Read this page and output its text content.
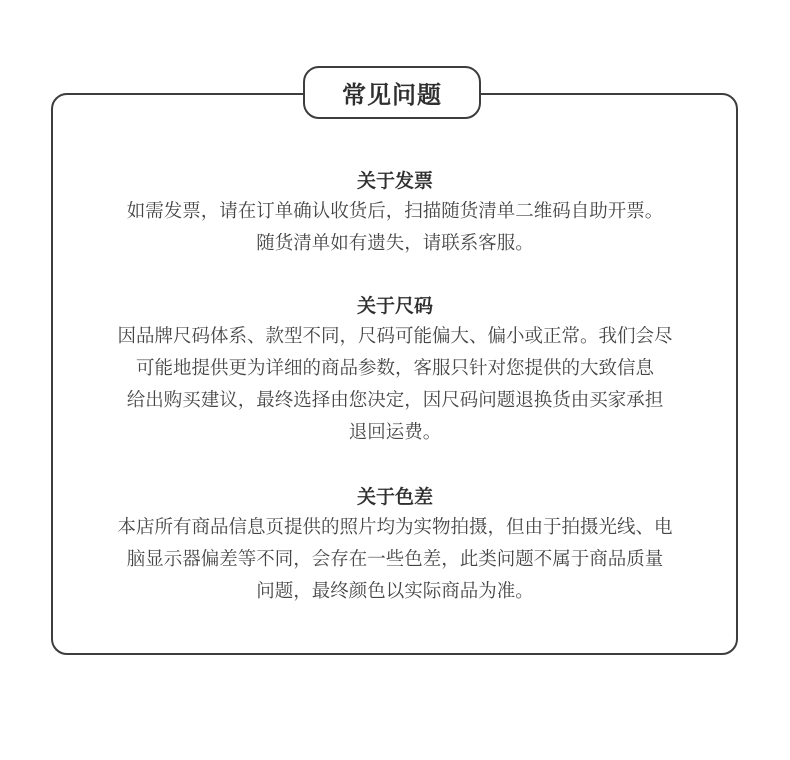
常见问题
关于发票
如需发票，请在订单确认收货后，扫描随货清单二维码自助开票。
随货清单如有遗失，请联系客服。
关于尺码
因品牌尺码体系、款型不同，尺码可能偏大、偏小或正常。我们会尽
可能地提供更为详细的商品参数，客服只针对您提供的大致信息
给出购买建议，最终选择由您决定，因尺码问题退换货由买家承担
退回运费。
关于色差
本店所有商品信息页提供的照片均为实物拍摄，但由于拍摄光线、电
脑显示器偏差等不同，会存在一些色差，此类问题不属于商品质量
问题，最终颜色以实际商品为准。
